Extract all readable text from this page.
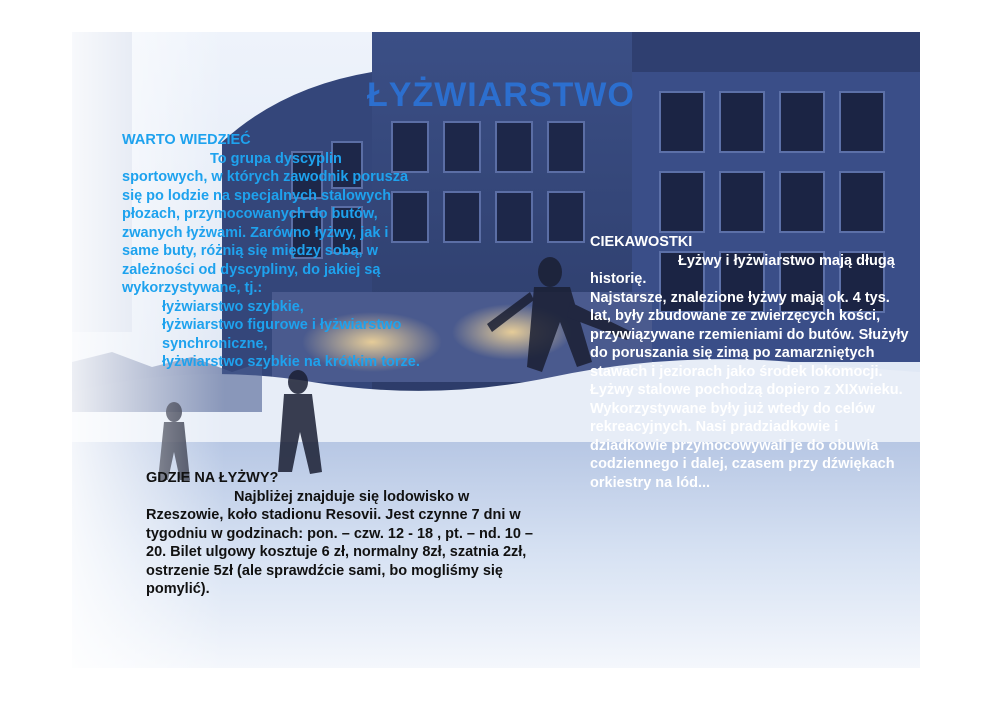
ŁYŻWIARSTWO
WARTO WIEDZIEĆ

To grupa dyscyplin sportowych, w których zawodnik porusza się po lodzie na specjalnych stalowych płozach, przymocowanych do butów, zwanych łyżwami. Zarówno łyżwy, jak i same buty, różnią się między sobą, w zależności od dyscypliny, do jakiej są wykorzystywane, tj.:

łyżwiarstwo szybkie,
łyżwiarstwo figurowe i łyżwiarstwo synchroniczne,
łyżwiarstwo szybkie na krótkim torze.
CIEKAWOSTKI

Łyżwy i łyżwiarstwo mają długą historię.

Najstarsze, znalezione łyżwy mają ok. 4 tys. lat, były zbudowane ze zwierzęcych kości, przywiązywane rzemieniami do butów. Służyły do poruszania się zimą po zamarzniętych stawach i jeziorach jako środek lokomocji.

Łyżwy stalowe pochodzą dopiero z XIXwieku. Wykorzystywane były już wtedy do celów rekreacyjnych. Nasi pradziadkowie i dziadkowie przymocowywali je do obuwia codziennego i dalej, czasem przy dźwiękach orkiestry na lód...

GDZIE NA ŁYŻWY?

Najbliżej znajduje się lodowisko w Rzeszowie, koło stadionu Resovii. Jest czynne 7 dni w tygodniu w godzinach: pon. – czw. 12 - 18 , pt. – nd. 10 – 20. Bilet ulgowy kosztuje 6 zł, normalny 8zł, szatnia 2zł, ostrzenie 5zł (ale sprawdźcie sami, bo mogliśmy się pomylić).
